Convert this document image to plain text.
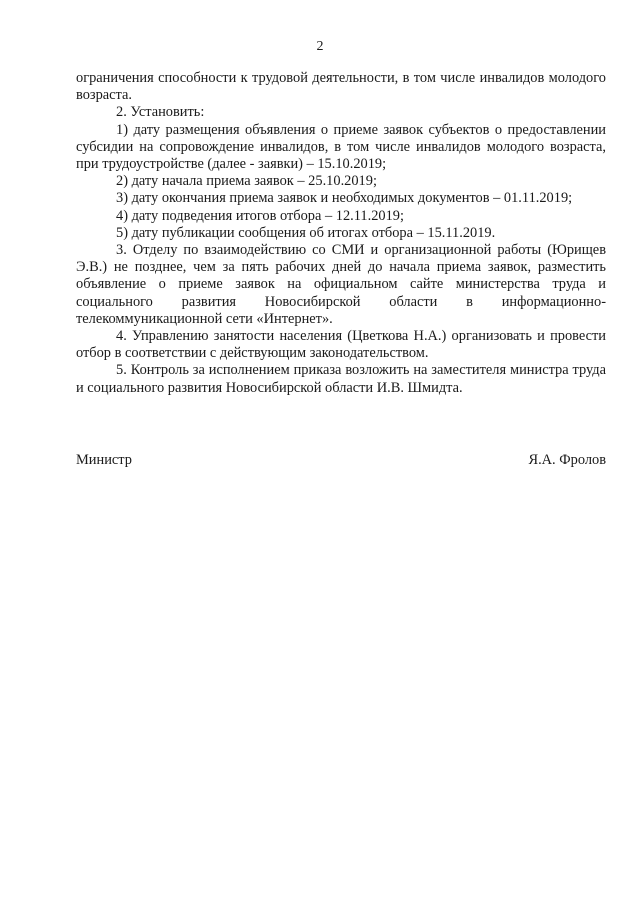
2

ограничения способности к трудовой деятельности, в том числе инвалидов молодого возраста.

2. Установить:

1) дату размещения объявления о приеме заявок субъектов о предоставлении субсидии на сопровождение инвалидов, в том числе инвалидов молодого возраста, при трудоустройстве (далее - заявки) – 15.10.2019;

2) дату начала приема заявок – 25.10.2019;

3) дату окончания приема заявок и необходимых документов – 01.11.2019;

4) дату подведения итогов отбора – 12.11.2019;

5) дату публикации сообщения об итогах отбора – 15.11.2019.

3. Отделу по взаимодействию со СМИ и организационной работы (Юрищев Э.В.) не позднее, чем за пять рабочих дней до начала приема заявок, разместить объявление о приеме заявок на официальном сайте министерства труда и социального развития Новосибирской области в информационно-телекоммуникационной сети «Интернет».

4. Управлению занятости населения (Цветкова Н.А.) организовать и провести отбор в соответствии с действующим законодательством.

5. Контроль за исполнением приказа возложить на заместителя министра труда и социального развития Новосибирской области И.В. Шмидта.

Министр	Я.А. Фролов
